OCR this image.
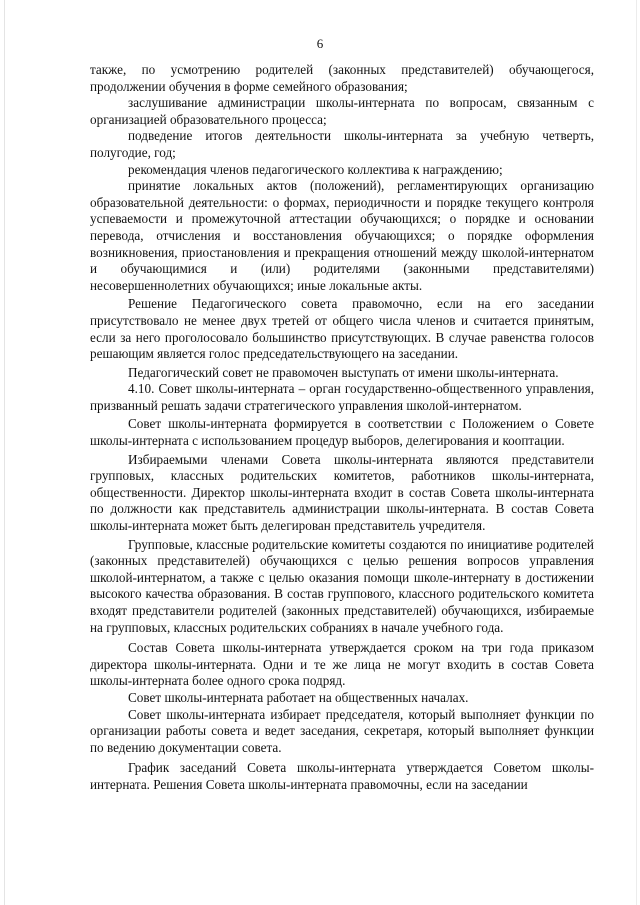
6

также, по усмотрению родителей (законных представителей) обучающегося, продолжении обучения в форме семейного образования;

заслушивание администрации школы-интерната по вопросам, связанным с организацией образовательного процесса;

подведение итогов деятельности школы-интерната за учебную четверть, полугодие, год;

рекомендация членов педагогического коллектива к награждению;

принятие локальных актов (положений), регламентирующих организацию образовательной деятельности: о формах, периодичности и порядке текущего контроля успеваемости и промежуточной аттестации обучающихся; о порядке и основании перевода, отчисления и восстановления обучающихся; о порядке оформления возникновения, приостановления и прекращения отношений между школой-интернатом и обучающимися и (или) родителями (законными представителями) несовершеннолетних обучающихся; иные локальные акты.

Решение Педагогического совета правомочно, если на его заседании присутствовало не менее двух третей от общего числа членов и считается принятым, если за него проголосовало большинство присутствующих. В случае равенства голосов решающим является голос председательствующего на заседании.

Педагогический совет не правомочен выступать от имени школы-интерната.

4.10. Совет школы-интерната – орган государственно-общественного управления, призванный решать задачи стратегического управления школой-интернатом.

Совет школы-интерната формируется в соответствии с Положением о Совете школы-интерната с использованием процедур выборов, делегирования и кооптации.

Избираемыми членами Совета школы-интерната являются представители групповых, классных родительских комитетов, работников школы-интерната, общественности. Директор школы-интерната входит в состав Совета школы-интерната по должности как представитель администрации школы-интерната. В состав Совета школы-интерната может быть делегирован представитель учредителя.

Групповые, классные родительские комитеты создаются по инициативе родителей (законных представителей) обучающихся с целью решения вопросов управления школой-интернатом, а также с целью оказания помощи школе-интернату в достижении высокого качества образования. В состав группового, классного родительского комитета входят представители родителей (законных представителей) обучающихся, избираемые на групповых, классных родительских собраниях в начале учебного года.

Состав Совета школы-интерната утверждается сроком на три года приказом директора школы-интерната. Одни и те же лица не могут входить в состав Совета школы-интерната более одного срока подряд.

Совет школы-интерната работает на общественных началах.

Совет школы-интерната избирает председателя, который выполняет функции по организации работы совета и ведет заседания, секретаря, который выполняет функции по ведению документации совета.

График заседаний Совета школы-интерната утверждается Советом школы-интерната. Решения Совета школы-интерната правомочны, если на заседании
